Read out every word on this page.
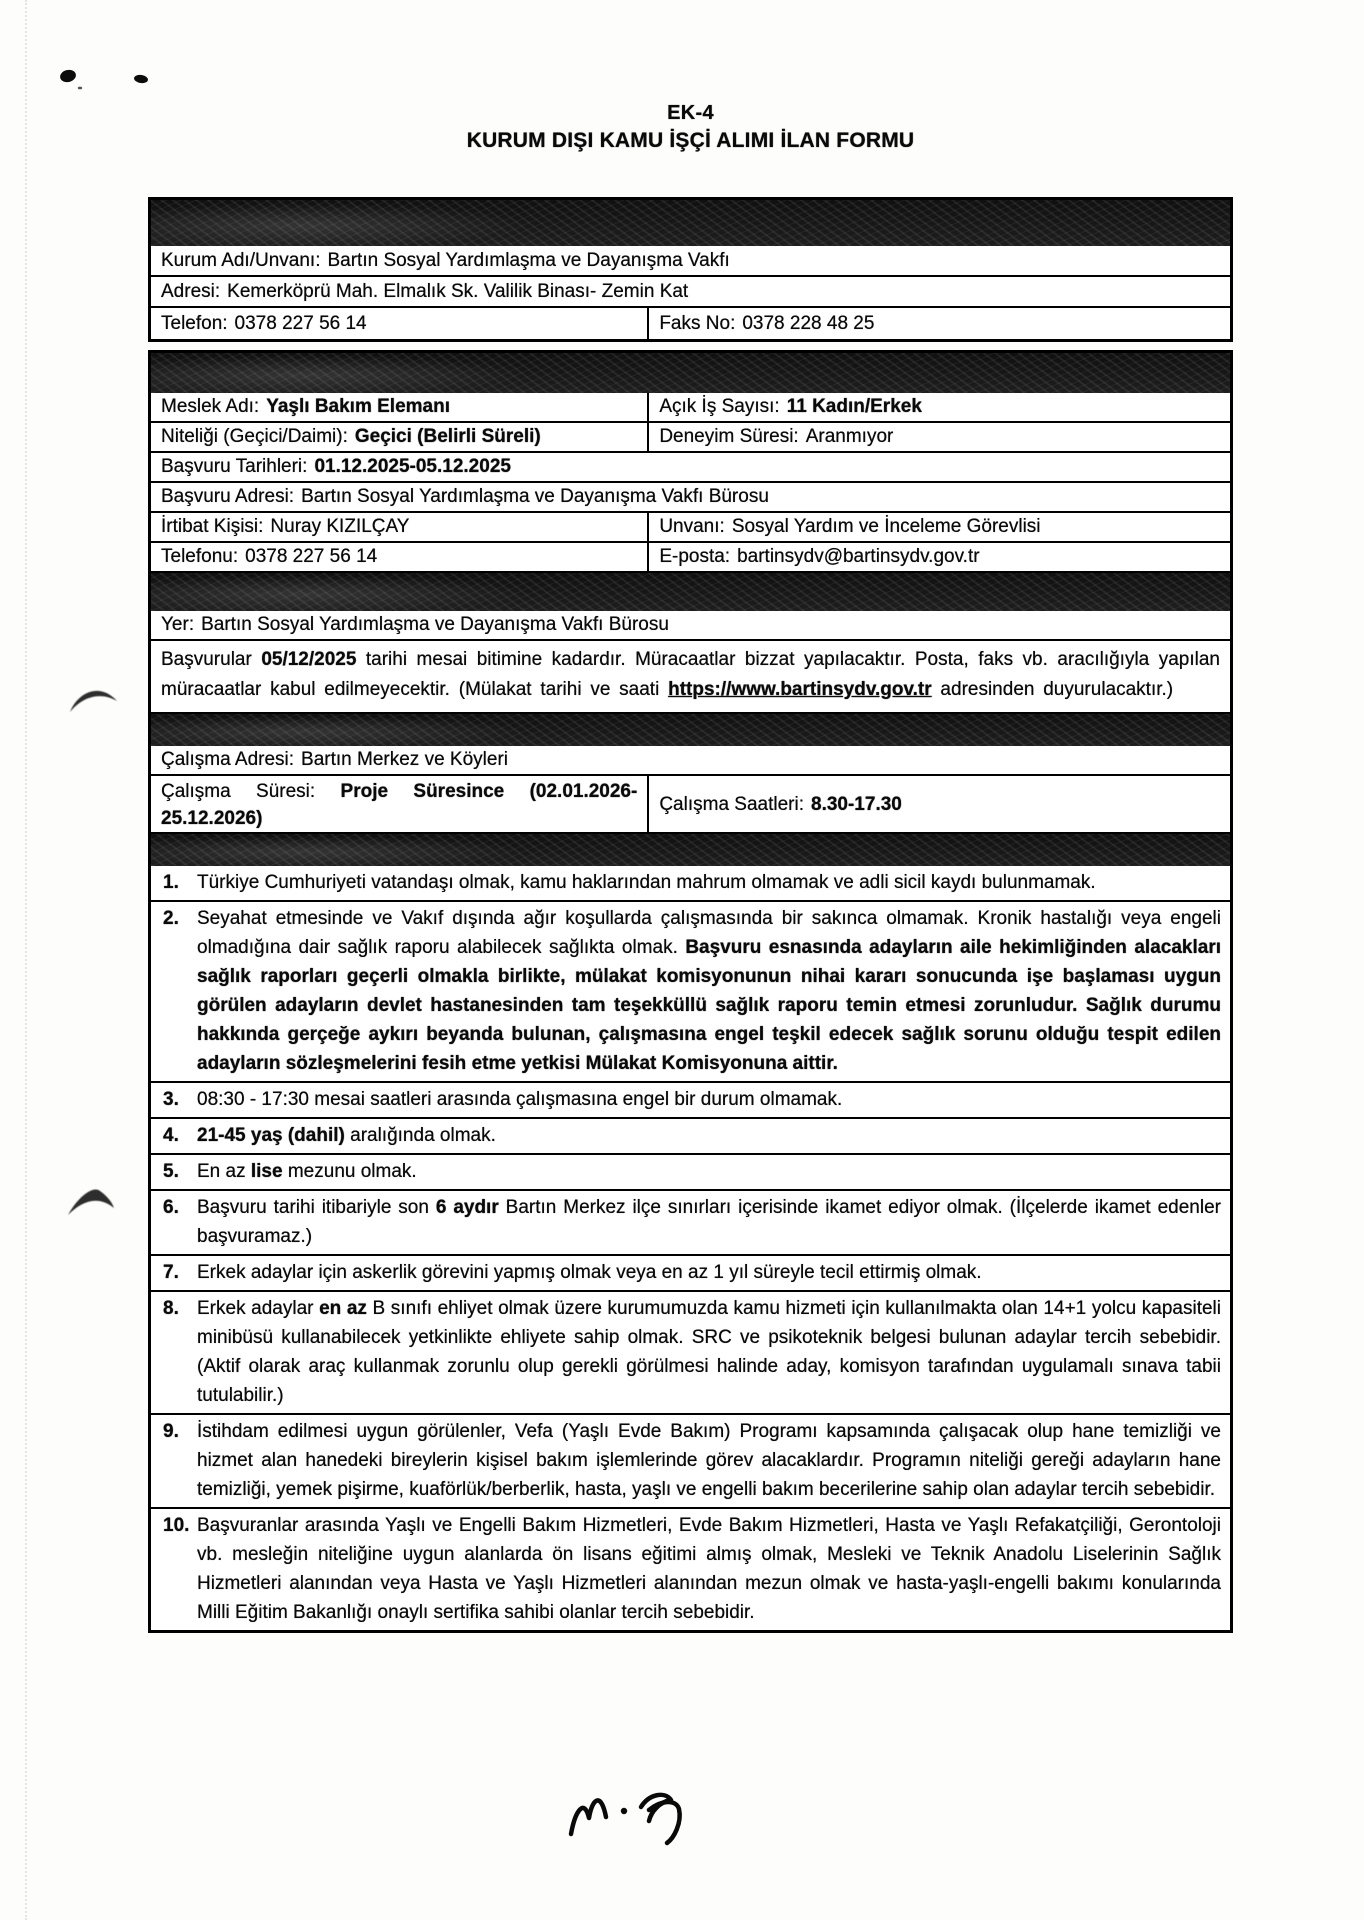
EK-4
KURUM DIŞI KAMU İŞÇİ ALIMI İLAN FORMU
Kurum Adı/Unvanı: Bartın Sosyal Yardımlaşma ve Dayanışma Vakfı
Adresi: Kemerköprü Mah. Elmalık Sk. Valilik Binası- Zemin Kat
Telefon: 0378 227 56 14	Faks No: 0378 228 48 25
Meslek Adı: Yaşlı Bakım Elemanı	Açık İş Sayısı: 11 Kadın/Erkek
Niteliği (Geçici/Daimi): Geçici (Belirli Süreli)	Deneyim Süresi: Aranmıyor
Başvuru Tarihleri: 01.12.2025-05.12.2025
Başvuru Adresi: Bartın Sosyal Yardımlaşma ve Dayanışma Vakfı Bürosu
İrtibat Kişisi: Nuray KIZILÇAY	Unvanı: Sosyal Yardım ve İnceleme Görevlisi
Telefonu: 0378 227 56 14	E-posta: bartinsydv@bartinsydv.gov.tr
Yer: Bartın Sosyal Yardımlaşma ve Dayanışma Vakfı Bürosu
Başvurular 05/12/2025 tarihi mesai bitimine kadardır. Müracaatlar bizzat yapılacaktır. Posta, faks vb. aracılığıyla yapılan müracaatlar kabul edilmeyecektir. (Mülakat tarihi ve saati https://www.bartinsydv.gov.tr adresinden duyurulacaktır.)
Çalışma Adresi: Bartın Merkez ve Köyleri
Çalışma Süresi: Proje Süresince (02.01.2026-25.12.2026)
Çalışma Saatleri: 8.30-17.30
1. Türkiye Cumhuriyeti vatandaşı olmak, kamu haklarından mahrum olmamak ve adli sicil kaydı bulunmamak.
2. Seyahat etmesinde ve Vakıf dışında ağır koşullarda çalışmasında bir sakınca olmamak. Kronik hastalığı veya engeli olmadığına dair sağlık raporu alabilecek sağlıkta olmak. Başvuru esnasında adayların aile hekimliğinden alacakları sağlık raporları geçerli olmakla birlikte, mülakat komisyonunun nihai kararı sonucunda işe başlaması uygun görülen adayların devlet hastanesinden tam teşekküllü sağlık raporu temin etmesi zorunludur. Sağlık durumu hakkında gerçeğe aykırı beyanda bulunan, çalışmasına engel teşkil edecek sağlık sorunu olduğu tespit edilen adayların sözleşmelerini fesih etme yetkisi Mülakat Komisyonuna aittir.
3. 08:30 - 17:30 mesai saatleri arasında çalışmasına engel bir durum olmamak.
4. 21-45 yaş (dahil) aralığında olmak.
5. En az lise mezunu olmak.
6. Başvuru tarihi itibariyle son 6 aydır Bartın Merkez ilçe sınırları içerisinde ikamet ediyor olmak. (İlçelerde ikamet edenler başvuramaz.)
7. Erkek adaylar için askerlik görevini yapmış olmak veya en az 1 yıl süreyle tecil ettirmiş olmak.
8. Erkek adaylar en az B sınıfı ehliyet olmak üzere kurumumuzda kamu hizmeti için kullanılmakta olan 14+1 yolcu kapasiteli minibüsü kullanabilecek yetkinlikte ehliyete sahip olmak. SRC ve psikoteknik belgesi bulunan adaylar tercih sebebidir. (Aktif olarak araç kullanmak zorunlu olup gerekli görülmesi halinde aday, komisyon tarafından uygulamalı sınava tabii tutulabilir.)
9. İstihdam edilmesi uygun görülenler, Vefa (Yaşlı Evde Bakım) Programı kapsamında çalışacak olup hane temizliği ve hizmet alan hanedeki bireylerin kişisel bakım işlemlerinde görev alacaklardır. Programın niteliği gereği adayların hane temizliği, yemek pişirme, kuaförlük/berberlik, hasta, yaşlı ve engelli bakım becerilerine sahip olan adaylar tercih sebebidir.
10. Başvuranlar arasında Yaşlı ve Engelli Bakım Hizmetleri, Evde Bakım Hizmetleri, Hasta ve Yaşlı Refakatçiliği, Gerontoloji vb. mesleğin niteliğine uygun alanlarda ön lisans eğitimi almış olmak, Mesleki ve Teknik Anadolu Liselerinin Sağlık Hizmetleri alanından veya Hasta ve Yaşlı Hizmetleri alanından mezun olmak ve hasta-yaşlı-engelli bakımı konularında Milli Eğitim Bakanlığı onaylı sertifika sahibi olanlar tercih sebebidir.
